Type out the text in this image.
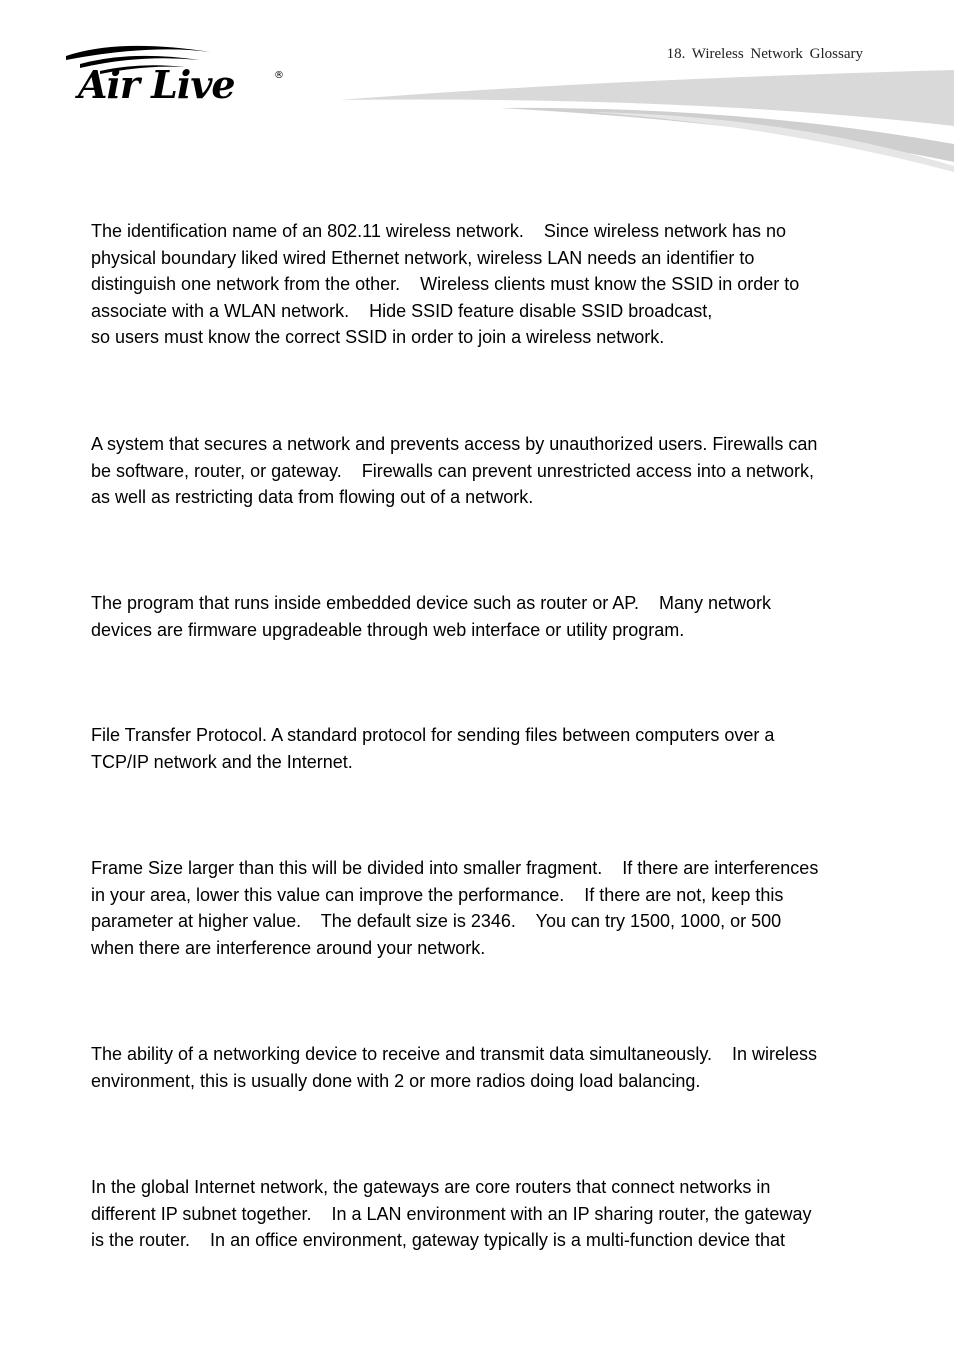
Air Live	®
18. Wireless Network Glossary
The identification name of an 802.11 wireless network.    Since wireless network has no
physical boundary liked wired Ethernet network, wireless LAN needs an identifier to
distinguish one network from the other.    Wireless clients must know the SSID in order to
associate with a WLAN network.    Hide SSID feature disable SSID broadcast,
so users must know the correct SSID in order to join a wireless network.
A system that secures a network and prevents access by unauthorized users. Firewalls can
be software, router, or gateway.    Firewalls can prevent unrestricted access into a network,
as well as restricting data from flowing out of a network.
The program that runs inside embedded device such as router or AP.    Many network
devices are firmware upgradeable through web interface or utility program.
File Transfer Protocol. A standard protocol for sending files between computers over a
TCP/IP network and the Internet.
Frame Size larger than this will be divided into smaller fragment.    If there are interferences
in your area, lower this value can improve the performance.    If there are not, keep this
parameter at higher value.    The default size is 2346.    You can try 1500, 1000, or 500
when there are interference around your network.
The ability of a networking device to receive and transmit data simultaneously.    In wireless
environment, this is usually done with 2 or more radios doing load balancing.
In the global Internet network, the gateways are core routers that connect networks in
different IP subnet together.    In a LAN environment with an IP sharing router, the gateway
is the router.    In an office environment, gateway typically is a multi-function device that
